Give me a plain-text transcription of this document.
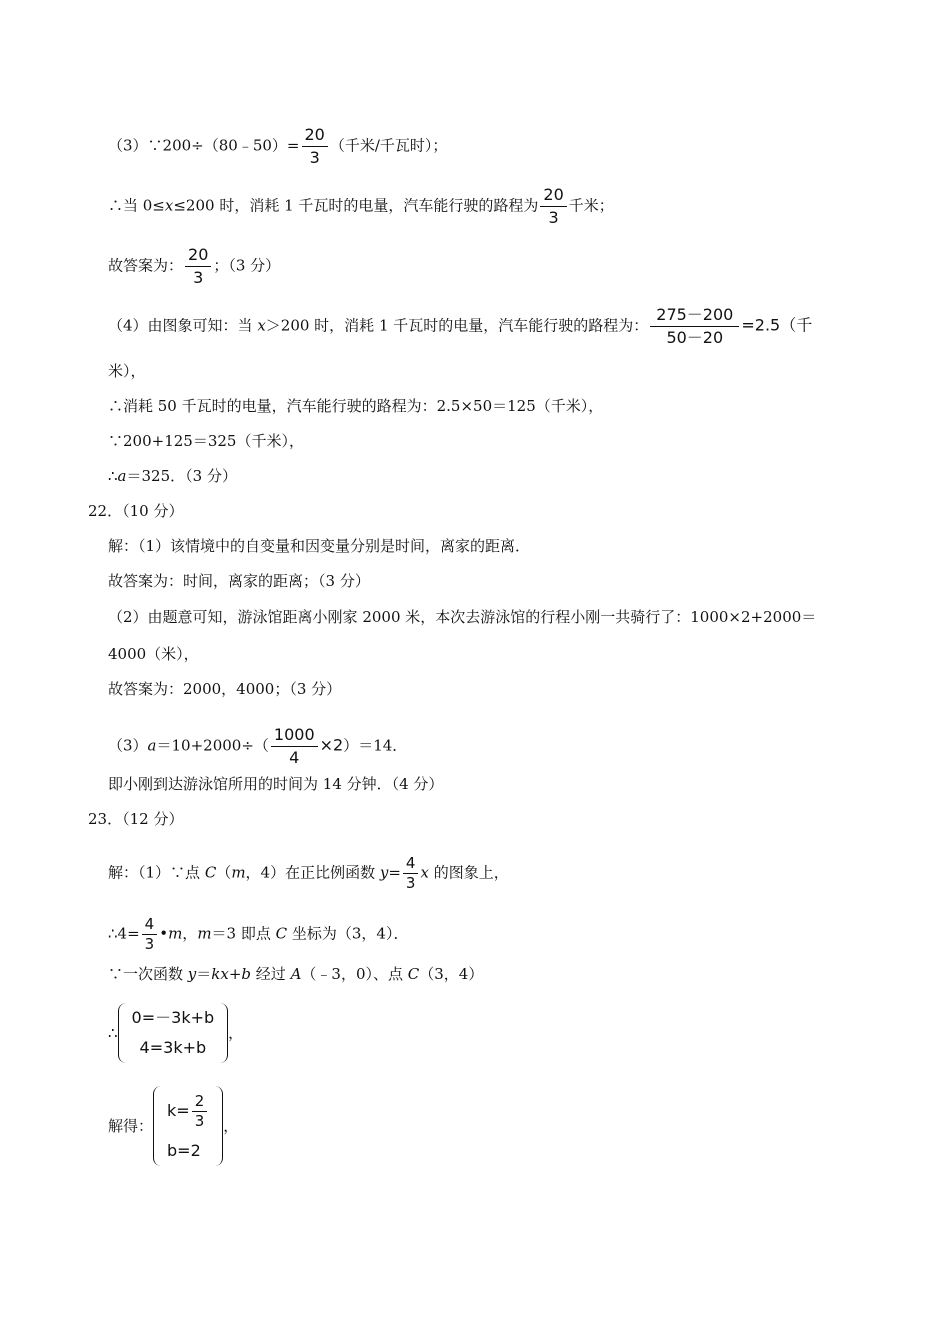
（3）∵200÷（80﹣50）= $\frac{20}{3}$ （千米/千瓦时）；
∴当 0≤x≤200 时，消耗 1 千瓦时的电量，汽车能行驶的路程为 $\frac{20}{3}$ 千米；
故答案为： $\frac{20}{3}$ ；（3 分）
（4）由图象可知：当 x＞200 时，消耗 1 千瓦时的电量，汽车能行驶的路程为： $\frac{275-200}{50-20} =2.5$（千
米），
∴消耗 50 千瓦时的电量，汽车能行驶的路程为：2.5×50＝125（千米），
∵200+125＝325（千米），
∴a＝325．（3 分）
22．（10 分）
解：（1）该情境中的自变量和因变量分别是时间，离家的距离．
故答案为：时间，离家的距离；（3 分）
（2）由题意可知，游泳馆距离小刚家 2000 米，本次去游泳馆的行程小刚一共骑行了：1000×2+2000＝
4000（米），
故答案为：2000，4000；（3 分）
$(3)a=10+2000\div( \frac{1000}{4} \times 2)=14$．
即小刚到达游泳馆所用的时间为 14 分钟．（4 分）
23．（12 分）
解：（1）∵点 C（m，4）在正比例函数 $y= \frac{4}{3}$ x 的图象上，
∴4= $\frac{4}{3}$ •m，m＝3 即点 C 坐标为（3，4）．
∵一次函数 y＝kx+b 经过 A（﹣3，0）、点 C（3，4）
∴
0=－3k+b
4=3k+b
，
解得：
$k= \frac{2}{3}$
b=2
，
